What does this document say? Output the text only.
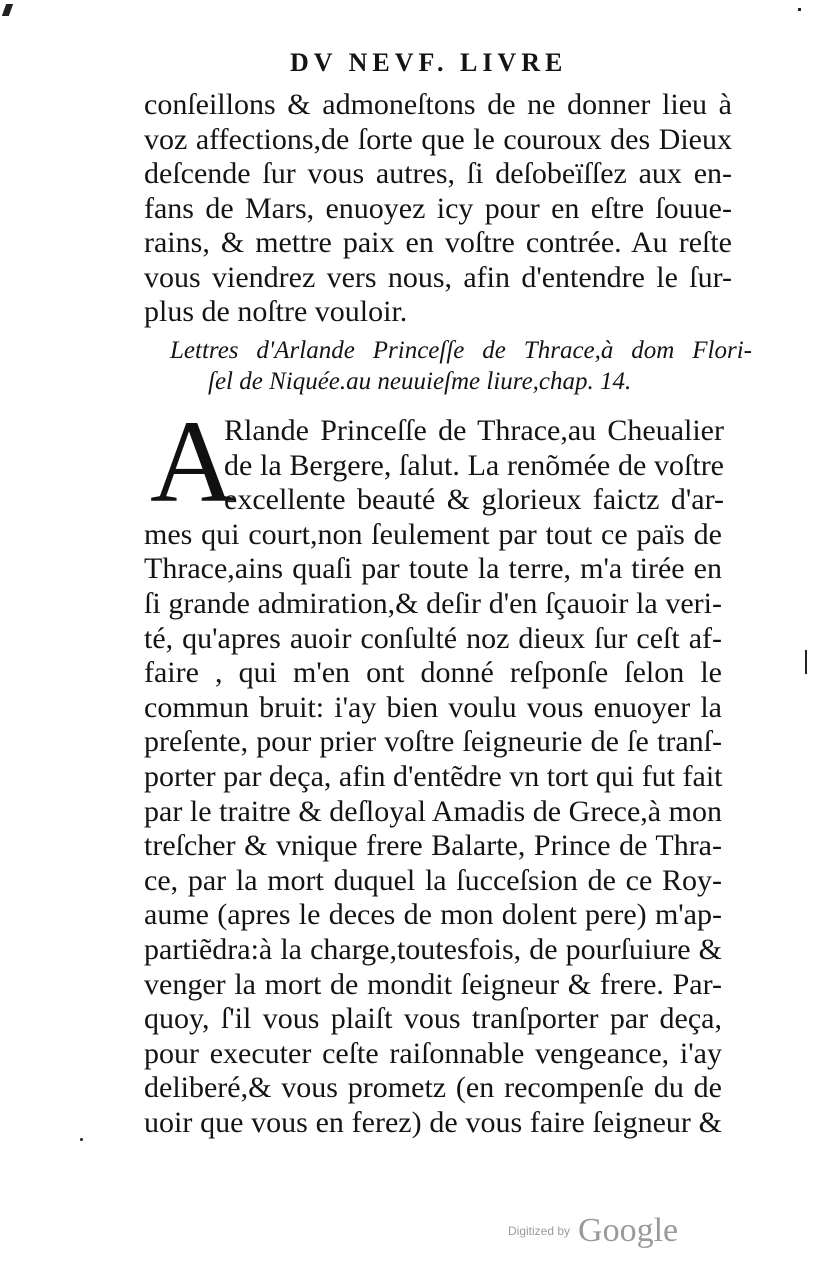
DV NEVF. LIVRE
conſeillons & admoneſtons de ne donner lieu à
voz affections,de ſorte que le couroux des Dieux
deſcende ſur vous autres, ſi deſobeïſſez aux en-
fans de Mars, enuoyez icy pour en eſtre ſouue-
rains, & mettre paix en voſtre contrée. Au reſte
vous viendrez vers nous, afin d'entendre le ſur-
plus de noſtre vouloir.
Lettres d'Arlande Princeſſe de Thrace,à dom Flori-
ſel de Niquée.au neuuieſme liure,chap. 14.
A
Rlande Princeſſe de Thrace,au Cheualier
de la Bergere, ſalut. La renõmée de voſtre
excellente beauté & glorieux faictz d'ar-
mes qui court,non ſeulement par tout ce païs de
Thrace,ains quaſi par toute la terre, m'a tirée en
ſi grande admiration,& deſir d'en ſçauoir la veri-
té, qu'apres auoir conſulté noz dieux ſur ceſt af-
faire , qui m'en ont donné reſponſe ſelon le
commun bruit: i'ay bien voulu vous enuoyer la
preſente, pour prier voſtre ſeigneurie de ſe tranſ-
porter par deça, afin d'entẽdre vn tort qui fut fait
par le traitre & deſloyal Amadis de Grece,à mon
treſcher & vnique frere Balarte, Prince de Thra-
ce, par la mort duquel la ſucceſsion de ce Roy-
aume (apres le deces de mon dolent pere) m'ap-
partiẽdra:à la charge,toutesfois, de pourſuiure &
venger la mort de mondit ſeigneur & frere. Par-
quoy, ſ'il vous plaiſt vous tranſporter par deça,
pour executer ceſte raiſonnable vengeance, i'ay
deliberé,& vous prometz (en recompenſe du de
uoir que vous en ferez) de vous faire ſeigneur &
Digitized by Google
